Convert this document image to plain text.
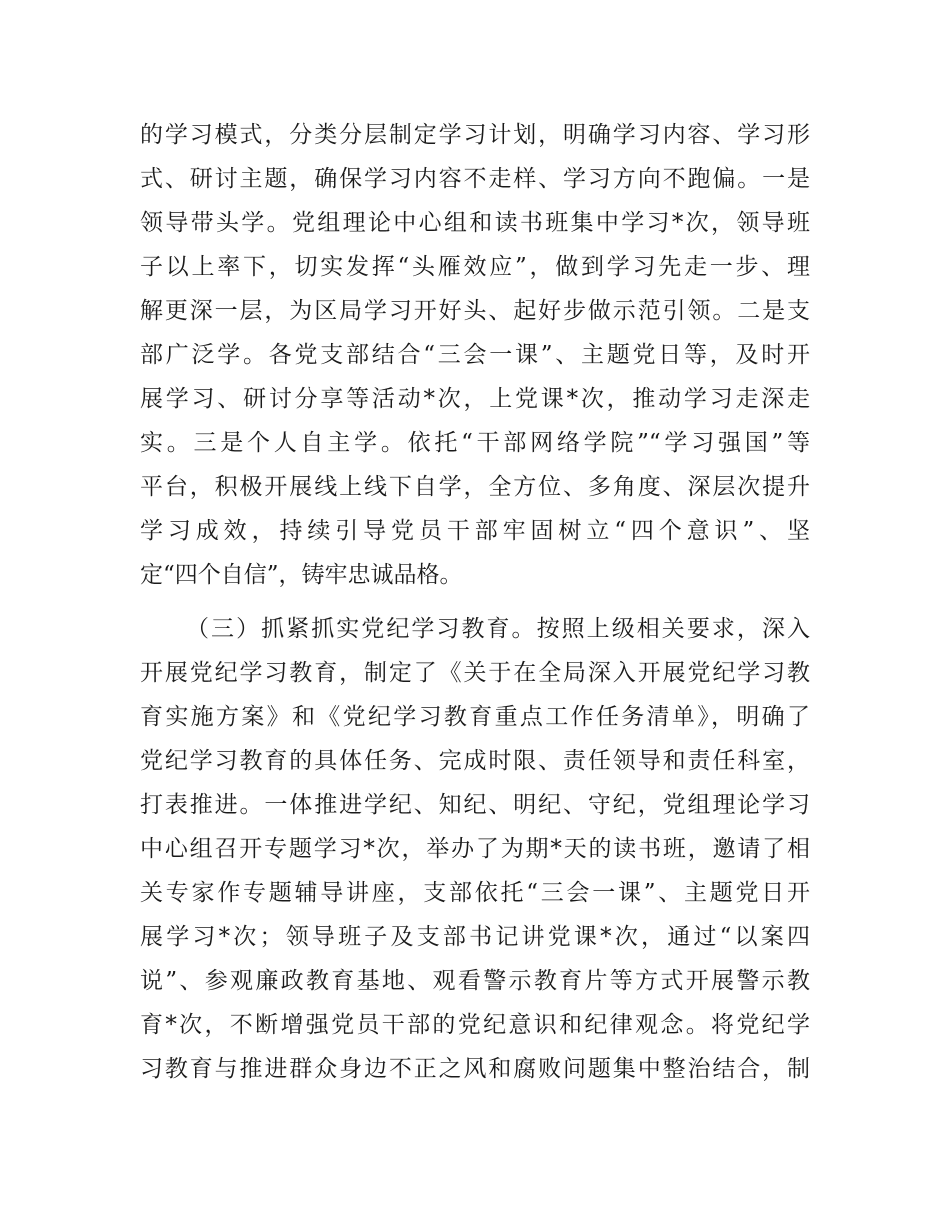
的学习模式，分类分层制定学习计划，明确学习内容、学习形
式、研讨主题，确保学习内容不走样、学习方向不跑偏。一是
领导带头学。党组理论中心组和读书班集中学习*次，领导班
子以上率下，切实发挥“头雁效应”，做到学习先走一步、理
解更深一层，为区局学习开好头、起好步做示范引领。二是支
部广泛学。各党支部结合“三会一课”、主题党日等，及时开
展学习、研讨分享等活动*次，上党课*次，推动学习走深走
实。三是个人自主学。依托“干部网络学院”“学习强国”等
平台，积极开展线上线下自学，全方位、多角度、深层次提升
学习成效，持续引导党员干部牢固树立“四个意识”、坚
定“四个自信”，铸牢忠诚品格。
（三）抓紧抓实党纪学习教育。按照上级相关要求，深入
开展党纪学习教育，制定了《关于在全局深入开展党纪学习教
育实施方案》和《党纪学习教育重点工作任务清单》，明确了
党纪学习教育的具体任务、完成时限、责任领导和责任科室，
打表推进。一体推进学纪、知纪、明纪、守纪，党组理论学习
中心组召开专题学习*次，举办了为期*天的读书班，邀请了相
关专家作专题辅导讲座，支部依托“三会一课”、主题党日开
展学习*次；领导班子及支部书记讲党课*次，通过“以案四
说”、参观廉政教育基地、观看警示教育片等方式开展警示教
育*次，不断增强党员干部的党纪意识和纪律观念。将党纪学
习教育与推进群众身边不正之风和腐败问题集中整治结合，制
